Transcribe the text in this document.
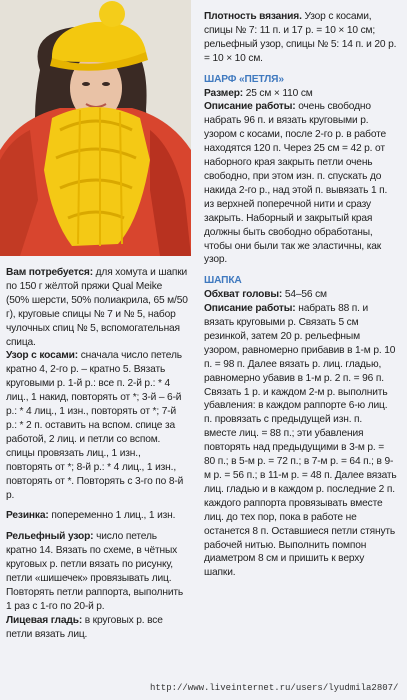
Вам потребуется: для хомута и шапки по 150 г жёлтой пряжи Qual Meike (50% шерсти, 50% полиакрила, 65 м/50 г), круговые спицы № 7 и № 5, набор чулочных спиц № 5, вспомогательная спица.

Узор с косами: сначала число петель кратно 4, 2-го р. – кратно 5. Вязать круговыми р. 1-й р.: все п. 2-й р.: * 4 лиц., 1 накид, повторять от *; 3-й – 6-й р.: * 4 лиц., 1 изн., повторять от *; 7-й р.: * 2 п. оставить на вспом. спице за работой, 2 лиц. и петли со вспом. спицы провязать лиц., 1 изн., повторять от *; 8-й р.: * 4 лиц., 1 изн., повторять от *. Повторять с 3-го по 8-й р.

Резинка: попеременно 1 лиц., 1 изн.

Рельефный узор: число петель кратно 14. Вязать по схеме, в чётных круговых р. петли вязать по рисунку, петли «шишечек» провязывать лиц. Повторять петли раппорта, выполнить 1 раз с 1-го по 20-й р.

Лицевая гладь: в круговых р. все петли вязать лиц.

Плотность вязания. Узор с косами, спицы № 7: 11 п. и 17 р. = 10 × 10 см; рельефный узор, спицы № 5: 14 п. и 20 р. = 10 × 10 см.

ШАРФ «ПЕТЛЯ»

Размер: 25 см × 110 см

Описание работы: очень свободно набрать 96 п. и вязать круговыми р. узором с косами, после 2-го р. в работе находятся 120 п. Через 25 см = 42 р. от наборного края закрыть петли очень свободно, при этом изн. п. спускать до накида 2-го р., над этой п. вывязать 1 п. из верхней поперечной нити и сразу закрыть. Наборный и закрытый края должны быть свободно обработаны, чтобы они были так же эластичны, как узор.

ШАПКА

Обхват головы: 54–56 см

Описание работы: набрать 88 п. и вязать круговыми р. Связать 5 см резинкой, затем 20 р. рельефным узором, равномерно прибавив в 1-м р. 10 п. = 98 п. Далее вязать р. лиц. гладью, равномерно убавив в 1-м р. 2 п. = 96 п. Связать 1 р. и каждом 2-м р. выполнить убавления: в каждом раппорте 6-ю лиц. п. провязать с предыдущей изн. п. вместе лиц. = 88 п.; эти убавления повторять над предыдущими в 3-м р. = 80 п.; в 5-м р. = 72 п.; в 7-м р. = 64 п.; в 9-м р. = 56 п.; в 11-м р. = 48 п. Далее вязать лиц. гладью и в каждом р. последние 2 п. каждого раппорта провязывать вместе лиц. до тех пор, пока в работе не останется 8 п. Оставшиеся петли стянуть рабочей нитью. Выполнить помпон диаметром 8 см и пришить к верху шапки.

http://www.liveinternet.ru/users/lyudmila2807/
